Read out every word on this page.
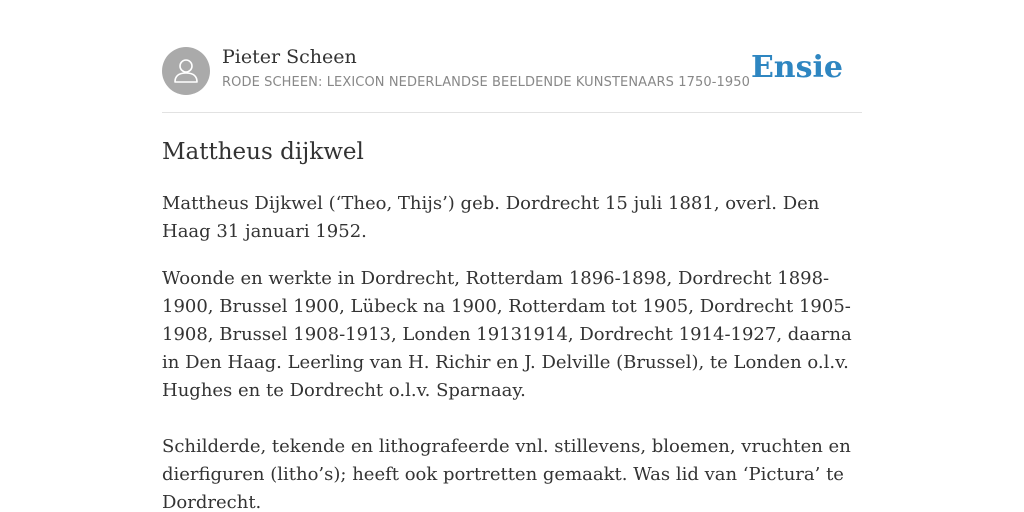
Pieter Scheen
RODE SCHEEN: LEXICON NEDERLANDSE BEELDENDE KUNSTENAARS 1750-1950 Ensie
Mattheus dijkwel

Mattheus Dijkwel (‘Theo, Thijs’) geb. Dordrecht 15 juli 1881, overl. Den Haag 31 januari 1952.

Woonde en werkte in Dordrecht, Rotterdam 1896-1898, Dordrecht 1898-1900, Brussel 1900, Lübeck na 1900, Rotterdam tot 1905, Dordrecht 1905-1908, Brussel 1908-1913, Londen 19131914, Dordrecht 1914-1927, daarna in Den Haag. Leerling van H. Richir en J. Delville (Brussel), te Londen o.l.v. Hughes en te Dordrecht o.l.v. Sparnaay.

Schilderde, tekende en lithografeerde vnl. stillevens, bloemen, vruchten en dierfiguren (litho’s); heeft ook portretten gemaakt. Was lid van ‘Pictura’ te Dordrecht.
